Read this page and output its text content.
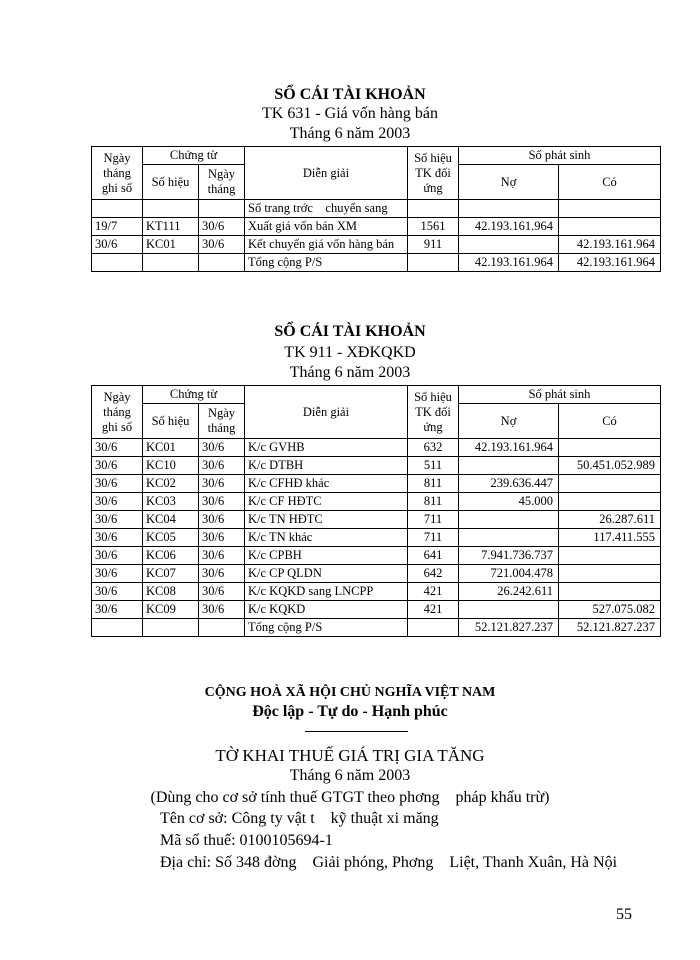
SỔ CÁI TÀI KHOẢN
TK 631 - Giá vốn hàng bán
Tháng 6 năm 2003
Ngày tháng ghi sổ	Chứng từ		Diễn giải	Số hiệu TK đối ứng	Số phát sinh	
	Số hiệu	Ngày tháng			Nợ	Có
			Số trang trớc    chuyển sang			
19/7	KT111	30/6	Xuất giá vốn bán XM	1561	42.193.161.964	
30/6	KC01	30/6	Kết chuyển giá vốn hàng bán	911		42.193.161.964
			Tổng cộng P/S		42.193.161.964	42.193.161.964
SỔ CÁI TÀI KHOẢN
TK 911 - XĐKQKD
Tháng 6 năm 2003
Ngày tháng ghi sổ	Chứng từ		Diễn giải	Số hiệu TK đối ứng	Số phát sinh	
	Số hiệu	Ngày tháng			Nợ	Có
30/6	KC01	30/6	K/c GVHB	632	42.193.161.964	
30/6	KC10	30/6	K/c DTBH	511		50.451.052.989
30/6	KC02	30/6	K/c CFHĐ khác	811	239.636.447	
30/6	KC03	30/6	K/c CF HĐTC	811	45.000	
30/6	KC04	30/6	K/c TN HĐTC	711		26.287.611
30/6	KC05	30/6	K/c TN khác	711		117.411.555
30/6	KC06	30/6	K/c CPBH	641	7.941.736.737	
30/6	KC07	30/6	K/c CP QLDN	642	721.004.478	
30/6	KC08	30/6	K/c KQKD sang LNCPP	421	26.242.611	
30/6	KC09	30/6	K/c KQKD	421		527.075.082
			Tổng cộng P/S		52.121.827.237	52.121.827.237
CỘNG HOÀ XÃ HỘI CHỦ NGHĨA VIỆT NAM
Độc lập - Tự do - Hạnh phúc
TỜ KHAI THUẾ GIÁ TRỊ GIA TĂNG
Tháng 6 năm 2003
(Dùng cho cơ sở tính thuế GTGT theo phơng    pháp khấu trừ)
Tên cơ sở: Công ty vật t    kỹ thuật xi măng
Mã số thuế: 0100105694-1
Địa chỉ: Số 348 đờng    Giải phóng, Phơng    Liệt, Thanh Xuân, Hà Nội
55
